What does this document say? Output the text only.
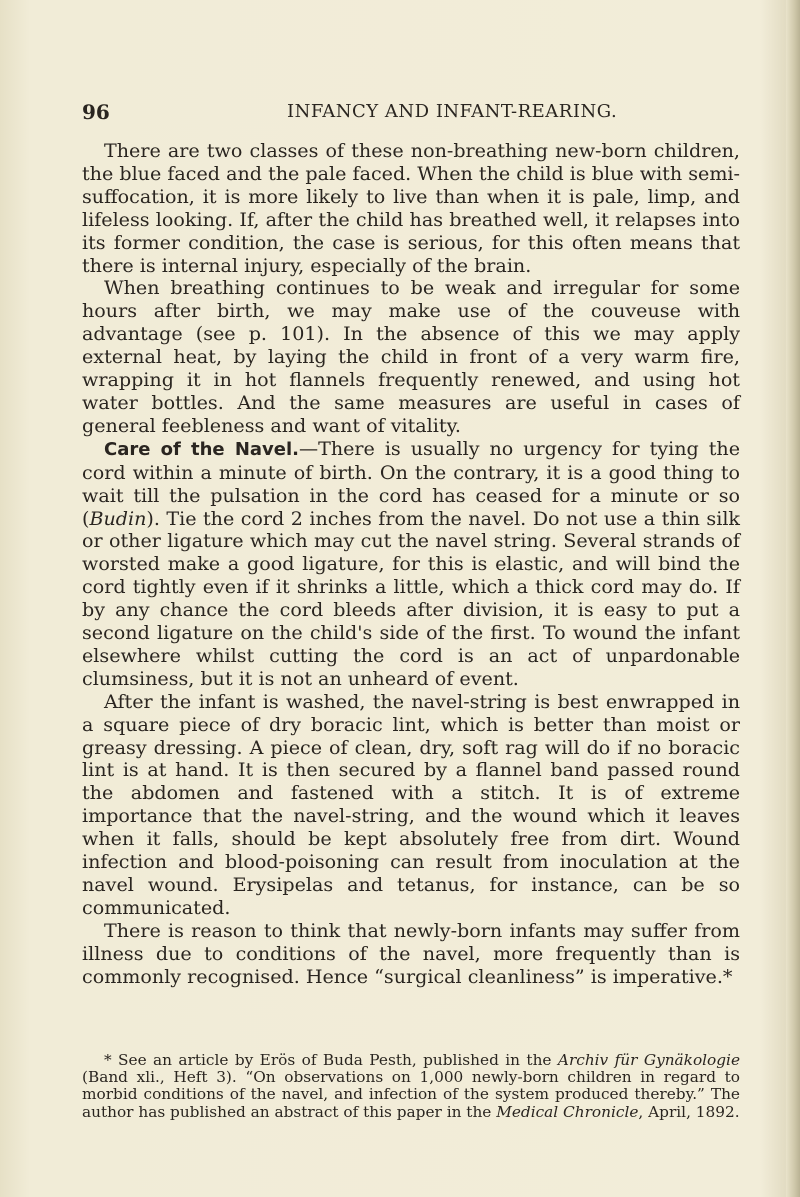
96	INFANCY AND INFANT-REARING.

There are two classes of these non-breathing new-born children, the blue faced and the pale faced. When the child is blue with semi-suffocation, it is more likely to live than when it is pale, limp, and lifeless looking. If, after the child has breathed well, it relapses into its former condition, the case is serious, for this often means that there is internal injury, especially of the brain.

When breathing continues to be weak and irregular for some hours after birth, we may make use of the couveuse with advantage (see p. 101). In the absence of this we may apply external heat, by laying the child in front of a very warm fire, wrapping it in hot flannels frequently renewed, and using hot water bottles. And the same measures are useful in cases of general feebleness and want of vitality.

Care of the Navel.—There is usually no urgency for tying the cord within a minute of birth. On the contrary, it is a good thing to wait till the pulsation in the cord has ceased for a minute or so (Budin). Tie the cord 2 inches from the navel. Do not use a thin silk or other ligature which may cut the navel string. Several strands of worsted make a good ligature, for this is elastic, and will bind the cord tightly even if it shrinks a little, which a thick cord may do. If by any chance the cord bleeds after division, it is easy to put a second ligature on the child's side of the first. To wound the infant elsewhere whilst cutting the cord is an act of unpardonable clumsiness, but it is not an unheard of event.

After the infant is washed, the navel-string is best enwrapped in a square piece of dry boracic lint, which is better than moist or greasy dressing. A piece of clean, dry, soft rag will do if no boracic lint is at hand. It is then secured by a flannel band passed round the abdomen and fastened with a stitch. It is of extreme importance that the navel-string, and the wound which it leaves when it falls, should be kept absolutely free from dirt. Wound infection and blood-poisoning can result from inoculation at the navel wound. Erysipelas and tetanus, for instance, can be so communicated.

There is reason to think that newly-born infants may suffer from illness due to conditions of the navel, more frequently than is commonly recognised. Hence “surgical cleanliness” is imperative.*

* See an article by Erös of Buda Pesth, published in the Archiv für Gynäkologie (Band xli., Heft 3). “On observations on 1,000 newly-born children in regard to morbid conditions of the navel, and infection of the system produced thereby.” The author has published an abstract of this paper in the Medical Chronicle, April, 1892.
